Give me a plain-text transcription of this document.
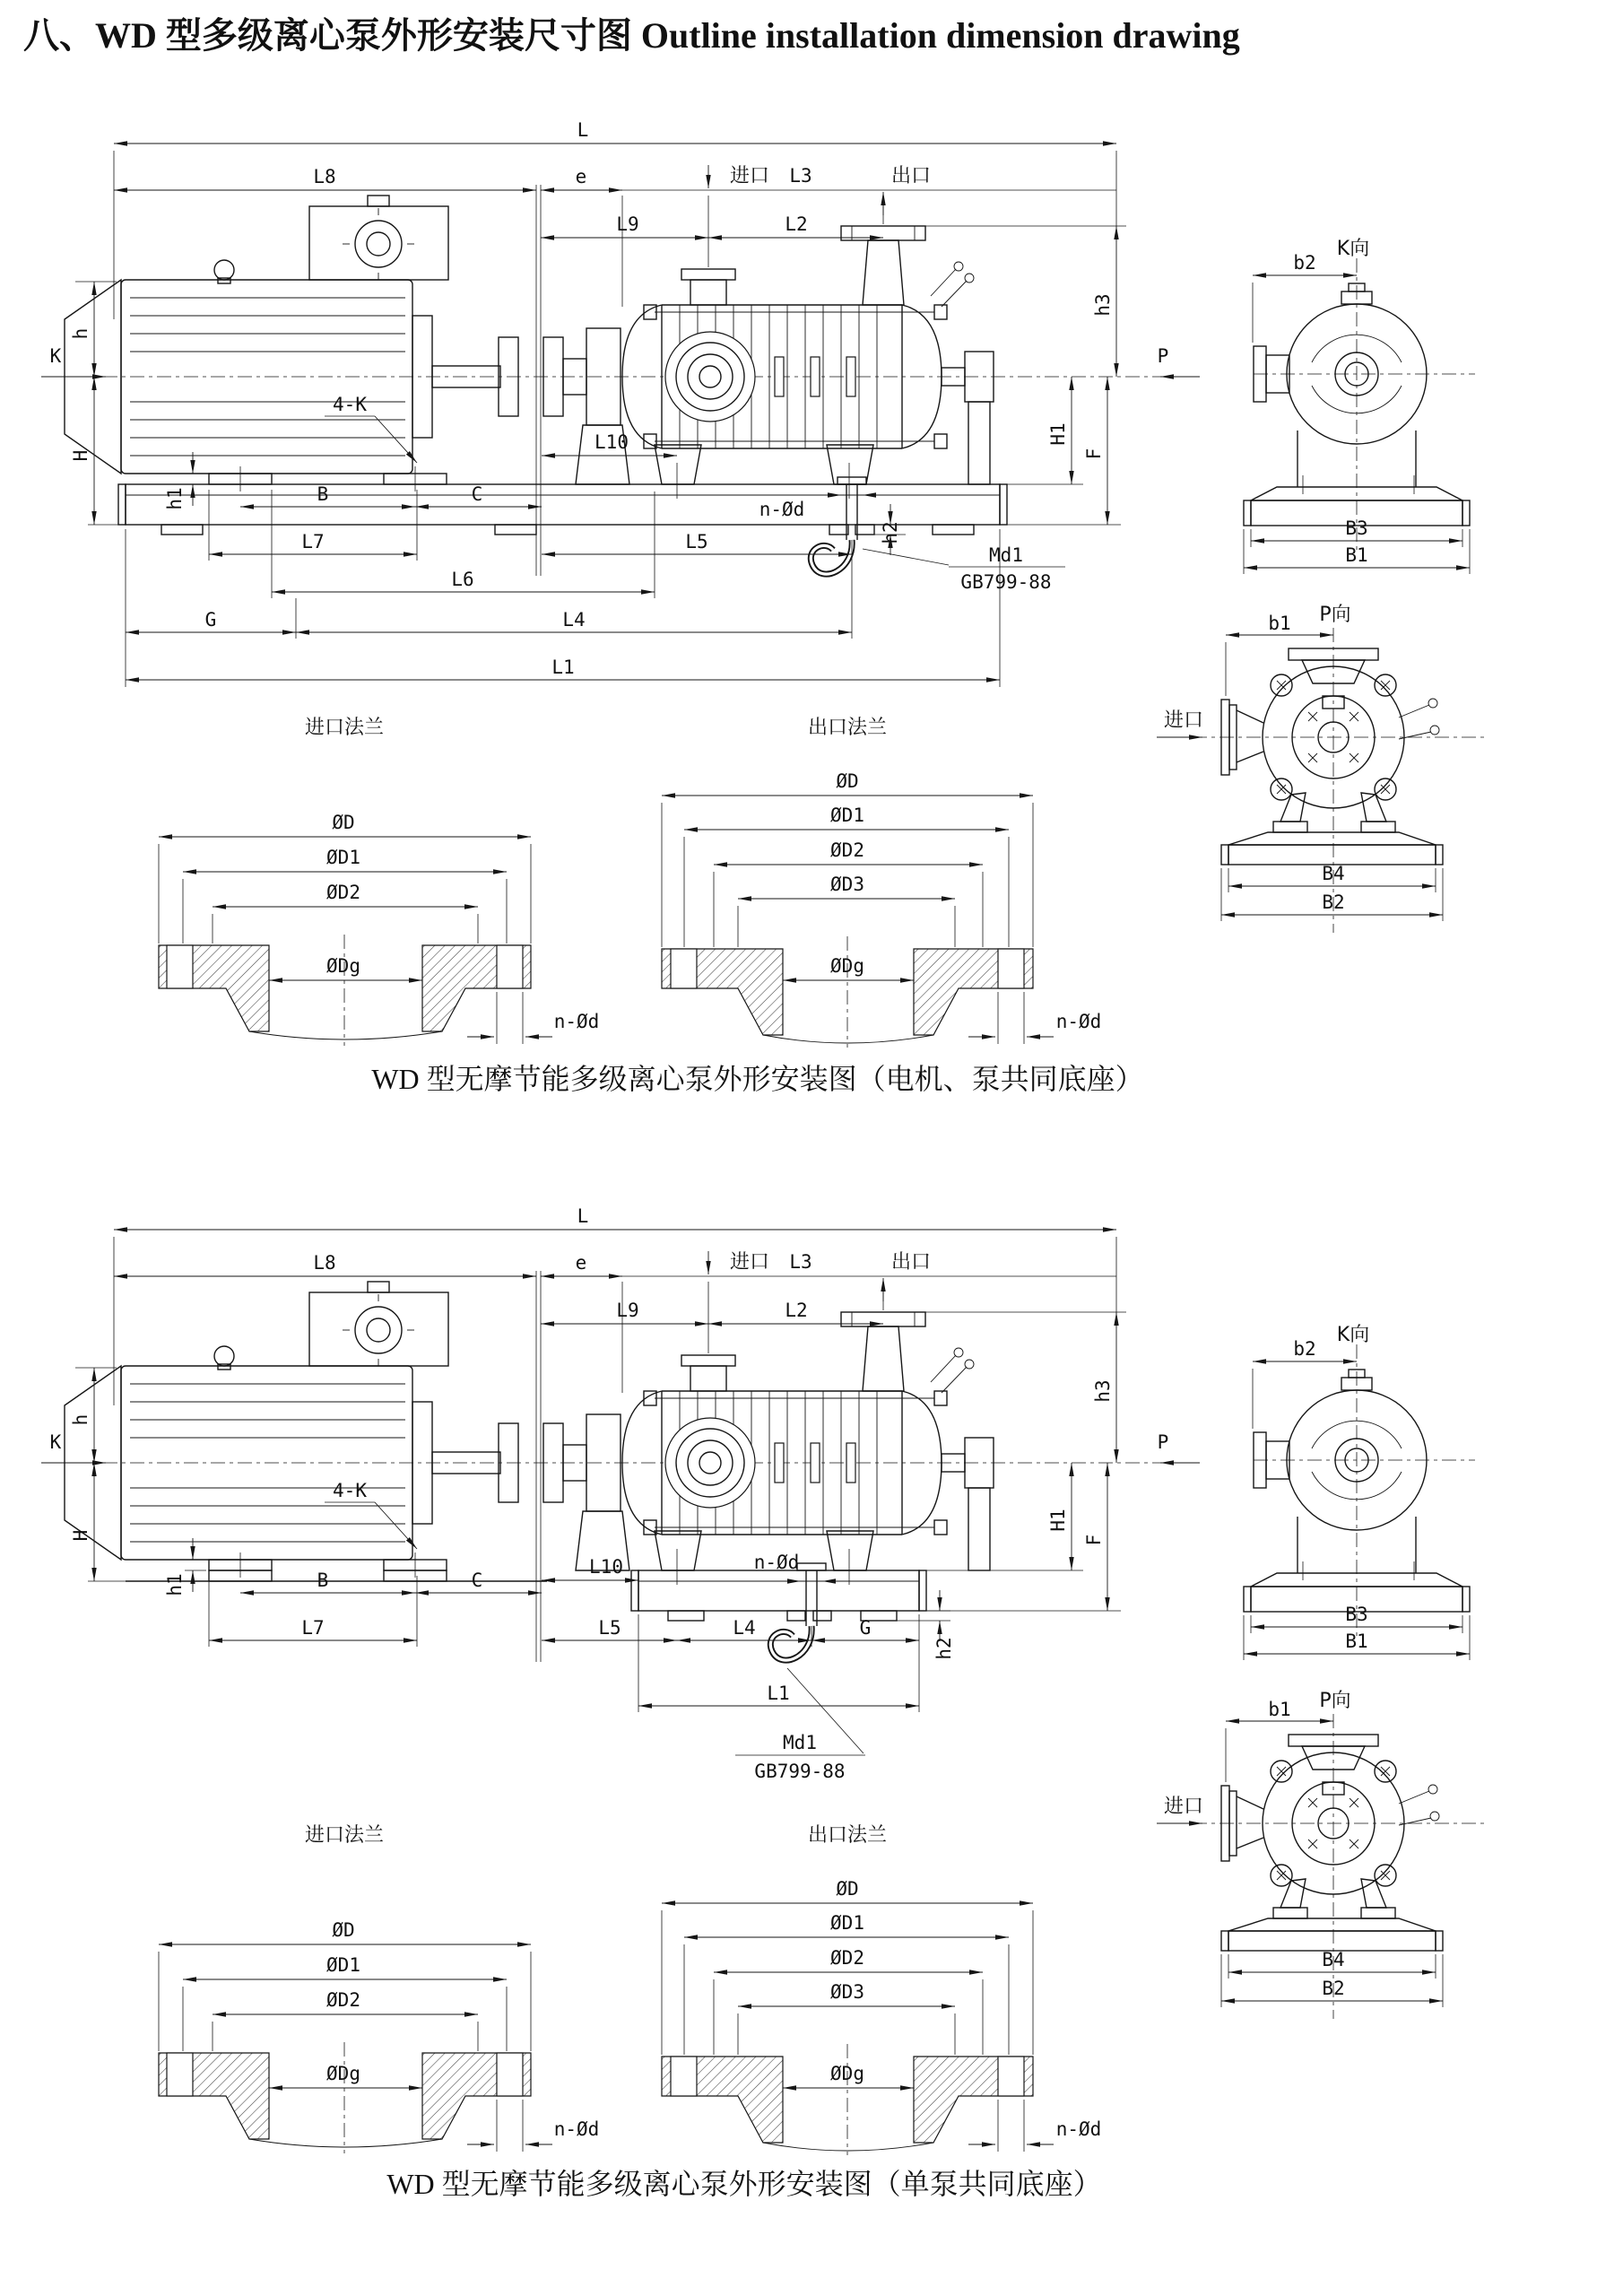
八、WD 型多级离心泵外形安装尺寸图 Outline installation dimension drawing
L
L8	e	进口 L3	出口
L9	L2
h
K
H
h1
4-K
B	C
L7	L5
L10
L6
G	L4
L1
n-Ød
h2
Md1
GB799-88
h3
H1
F
P
K向
b2
B3
B1
P向
b1
进口
B4
B2
进口法兰
ØD
ØD1
ØD2
ØDg
n-Ød
出口法兰
ØD
ØD1
ØD2
ØD3
ØDg
n-Ød
L
L8	e	进口 L3	出口
L9	L2
h
K
H
h1
4-K
B	C
L7
L10	n-Ød
L5	L4	G
L1
h2
Md1
GB799-88
h3
H1
F
P
K向
b2
B3
B1
P向
b1
进口
B4
B2
进口法兰
ØD
ØD1
ØD2
ØDg
n-Ød
出口法兰
ØD
ØD1
ØD2
ØD3
ØDg
n-Ød
WD 型无摩节能多级离心泵外形安装图（电机、泵共同底座）
WD 型无摩节能多级离心泵外形安装图（单泵共同底座）
